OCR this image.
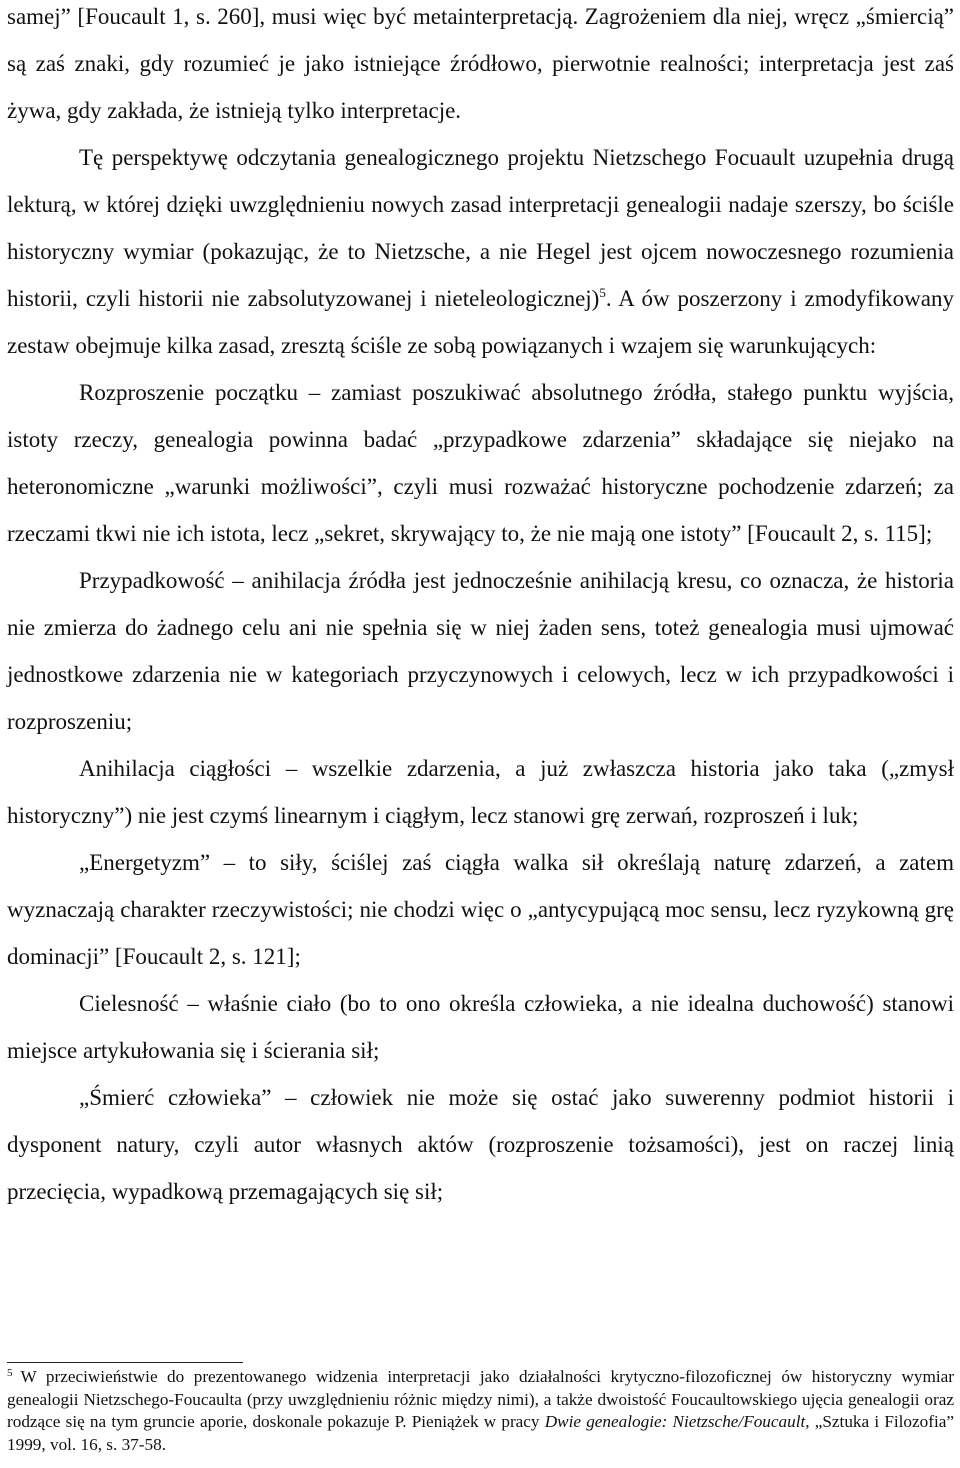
samej” [Foucault 1, s. 260], musi więc być metainterpretacją. Zagrożeniem dla niej, wręcz „śmiercią” są zaś znaki, gdy rozumieć je jako istniejące źródłowo, pierwotnie realności; interpretacja jest zaś żywa, gdy zakłada, że istnieją tylko interpretacje.

Tę perspektywę odczytania genealogicznego projektu Nietzschego Focuault uzupełnia drugą lekturą, w której dzięki uwzględnieniu nowych zasad interpretacji genealogii nadaje szerszy, bo ściśle historyczny wymiar (pokazując, że to Nietzsche, a nie Hegel jest ojcem nowoczesnego rozumienia historii, czyli historii nie zabsolutyzowanej i nieteleologicznej)$^5$. A ów poszerzony i zmodyfikowany zestaw obejmuje kilka zasad, zresztą ściśle ze sobą powiązanych i wzajem się warunkujących:

Rozproszenie początku – zamiast poszukiwać absolutnego źródła, stałego punktu wyjścia, istoty rzeczy, genealogia powinna badać „przypadkowe zdarzenia” składające się niejako na heteronomiczne „warunki możliwości”, czyli musi rozważać historyczne pochodzenie zdarzeń; za rzeczami tkwi nie ich istota, lecz „sekret, skrywający to, że nie mają one istoty” [Foucault 2, s. 115];

Przypadkowość – anihilacja źródła jest jednocześnie anihilacją kresu, co oznacza, że historia nie zmierza do żadnego celu ani nie spełnia się w niej żaden sens, toteż genealogia musi ujmować jednostkowe zdarzenia nie w kategoriach przyczynowych i celowych, lecz w ich przypadkowości i rozproszeniu;

Anihilacja ciągłości – wszelkie zdarzenia, a już zwłaszcza historia jako taka („zmysł historyczny”) nie jest czymś linearnym i ciągłym, lecz stanowi grę zerwań, rozproszeń i luk;

„Energetyzm” – to siły, ściślej zaś ciągła walka sił określają naturę zdarzeń, a zatem wyznaczają charakter rzeczywistości; nie chodzi więc o „antycypującą moc sensu, lecz ryzykowną grę dominacji” [Foucault 2, s. 121];

Cielesność – właśnie ciało (bo to ono określa człowieka, a nie idealna duchowość) stanowi miejsce artykułowania się i ścierania sił;

„Śmierć człowieka” – człowiek nie może się ostać jako suwerenny podmiot historii i dysponent natury, czyli autor własnych aktów (rozproszenie tożsamości), jest on raczej linią przecięcia, wypadkową przemagających się sił;

$^5$ W przeciwieństwie do prezentowanego widzenia interpretacji jako działalności krytyczno-filozoficznej ów historyczny wymiar genealogii Nietzschego-Foucaulta (przy uwzględnieniu różnic między nimi), a także dwoistość Foucaultowskiego ujęcia genealogii oraz rodzące się na tym gruncie aporie, doskonale pokazuje P. Pieniążek w pracy Dwie genealogie: Nietzsche/Foucault, „Sztuka i Filozofia” 1999, vol. 16, s. 37-58.
